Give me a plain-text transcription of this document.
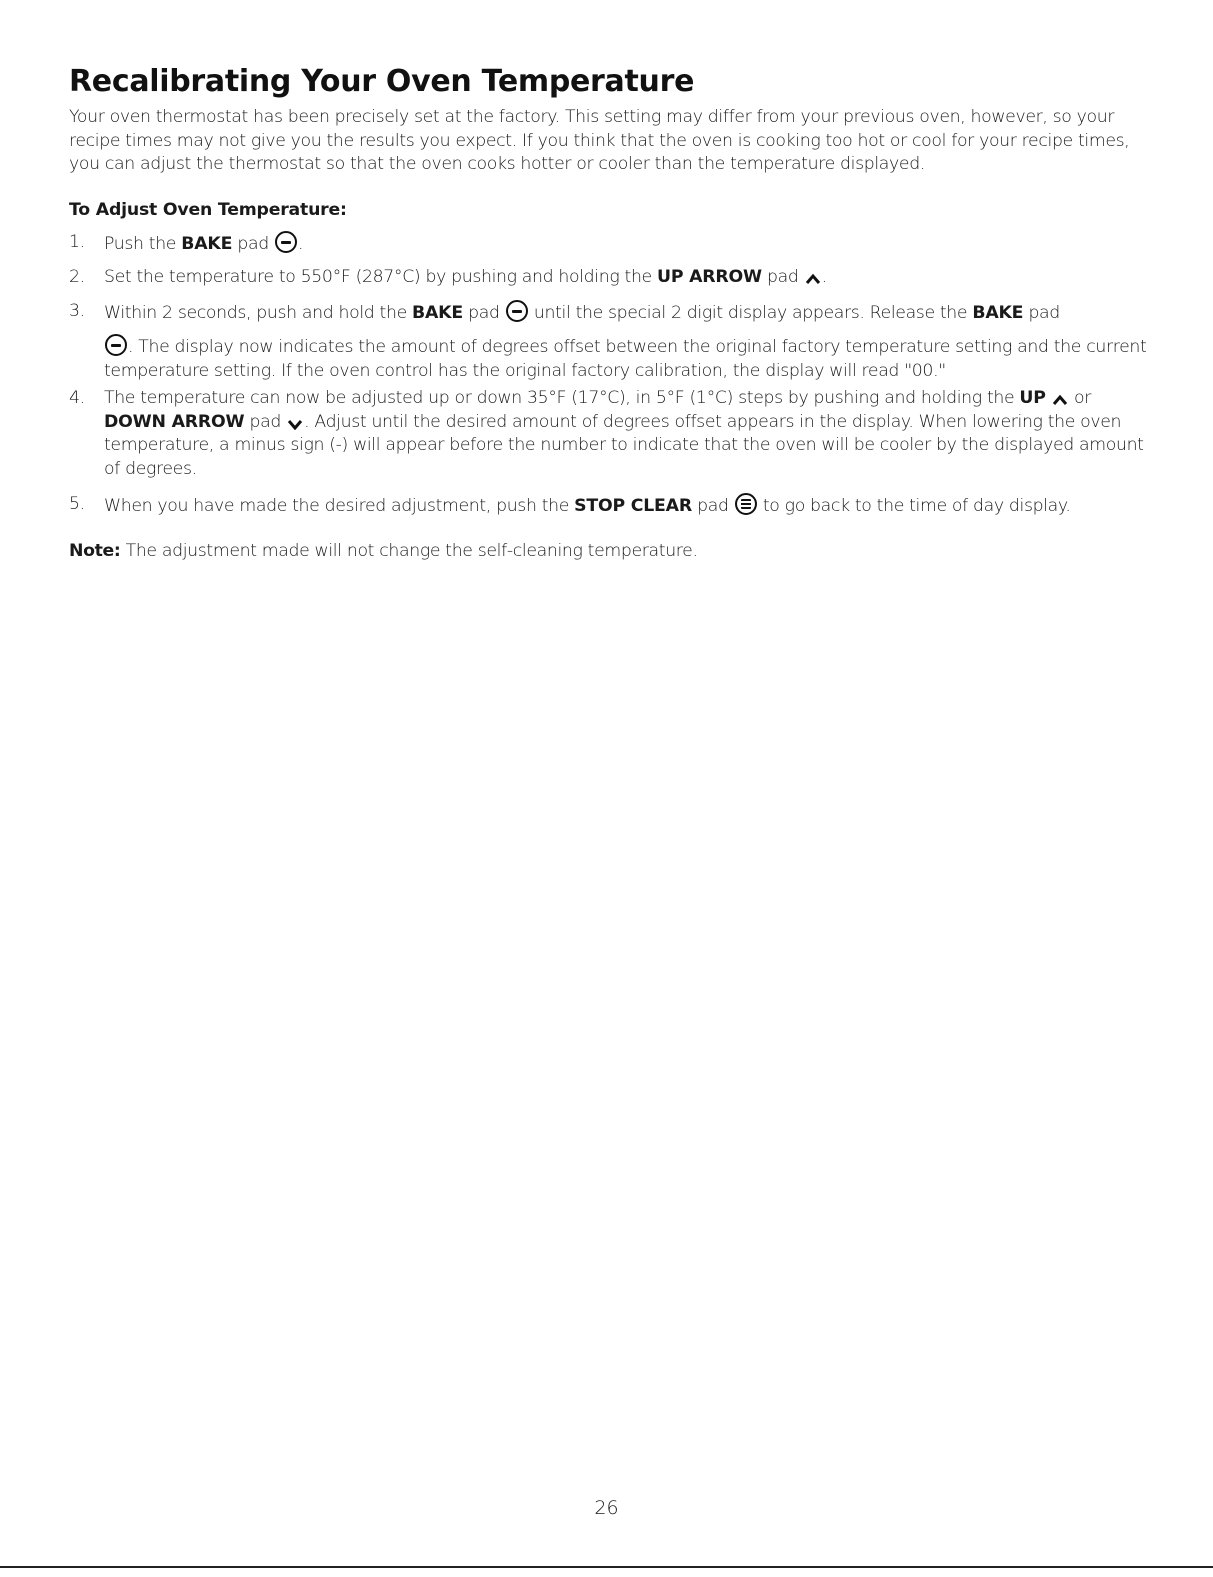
Recalibrating Your Oven Temperature

Your oven thermostat has been precisely set at the factory. This setting may differ from your previous oven, however, so your recipe times may not give you the results you expect. If you think that the oven is cooking too hot or cool for your recipe times, you can adjust the thermostat so that the oven cooks hotter or cooler than the temperature displayed.

To Adjust Oven Temperature:
1. Push the BAKE pad .
2. Set the temperature to 550°F (287°C) by pushing and holding the UP ARROW pad .
3. Within 2 seconds, push and hold the BAKE pad  until the special 2 digit display appears. Release the BAKE pad
. The display now indicates the amount of degrees offset between the original factory temperature setting and the current temperature setting. If the oven control has the original factory calibration, the display will read "00."
4. The temperature can now be adjusted up or down 35°F (17°C), in 5°F (1°C) steps by pushing and holding the UP  or DOWN ARROW pad . Adjust until the desired amount of degrees offset appears in the display. When lowering the oven temperature, a minus sign (-) will appear before the number to indicate that the oven will be cooler by the displayed amount of degrees.
5. When you have made the desired adjustment, push the STOP CLEAR pad  to go back to the time of day display.

Note: The adjustment made will not change the self-cleaning temperature.

26
